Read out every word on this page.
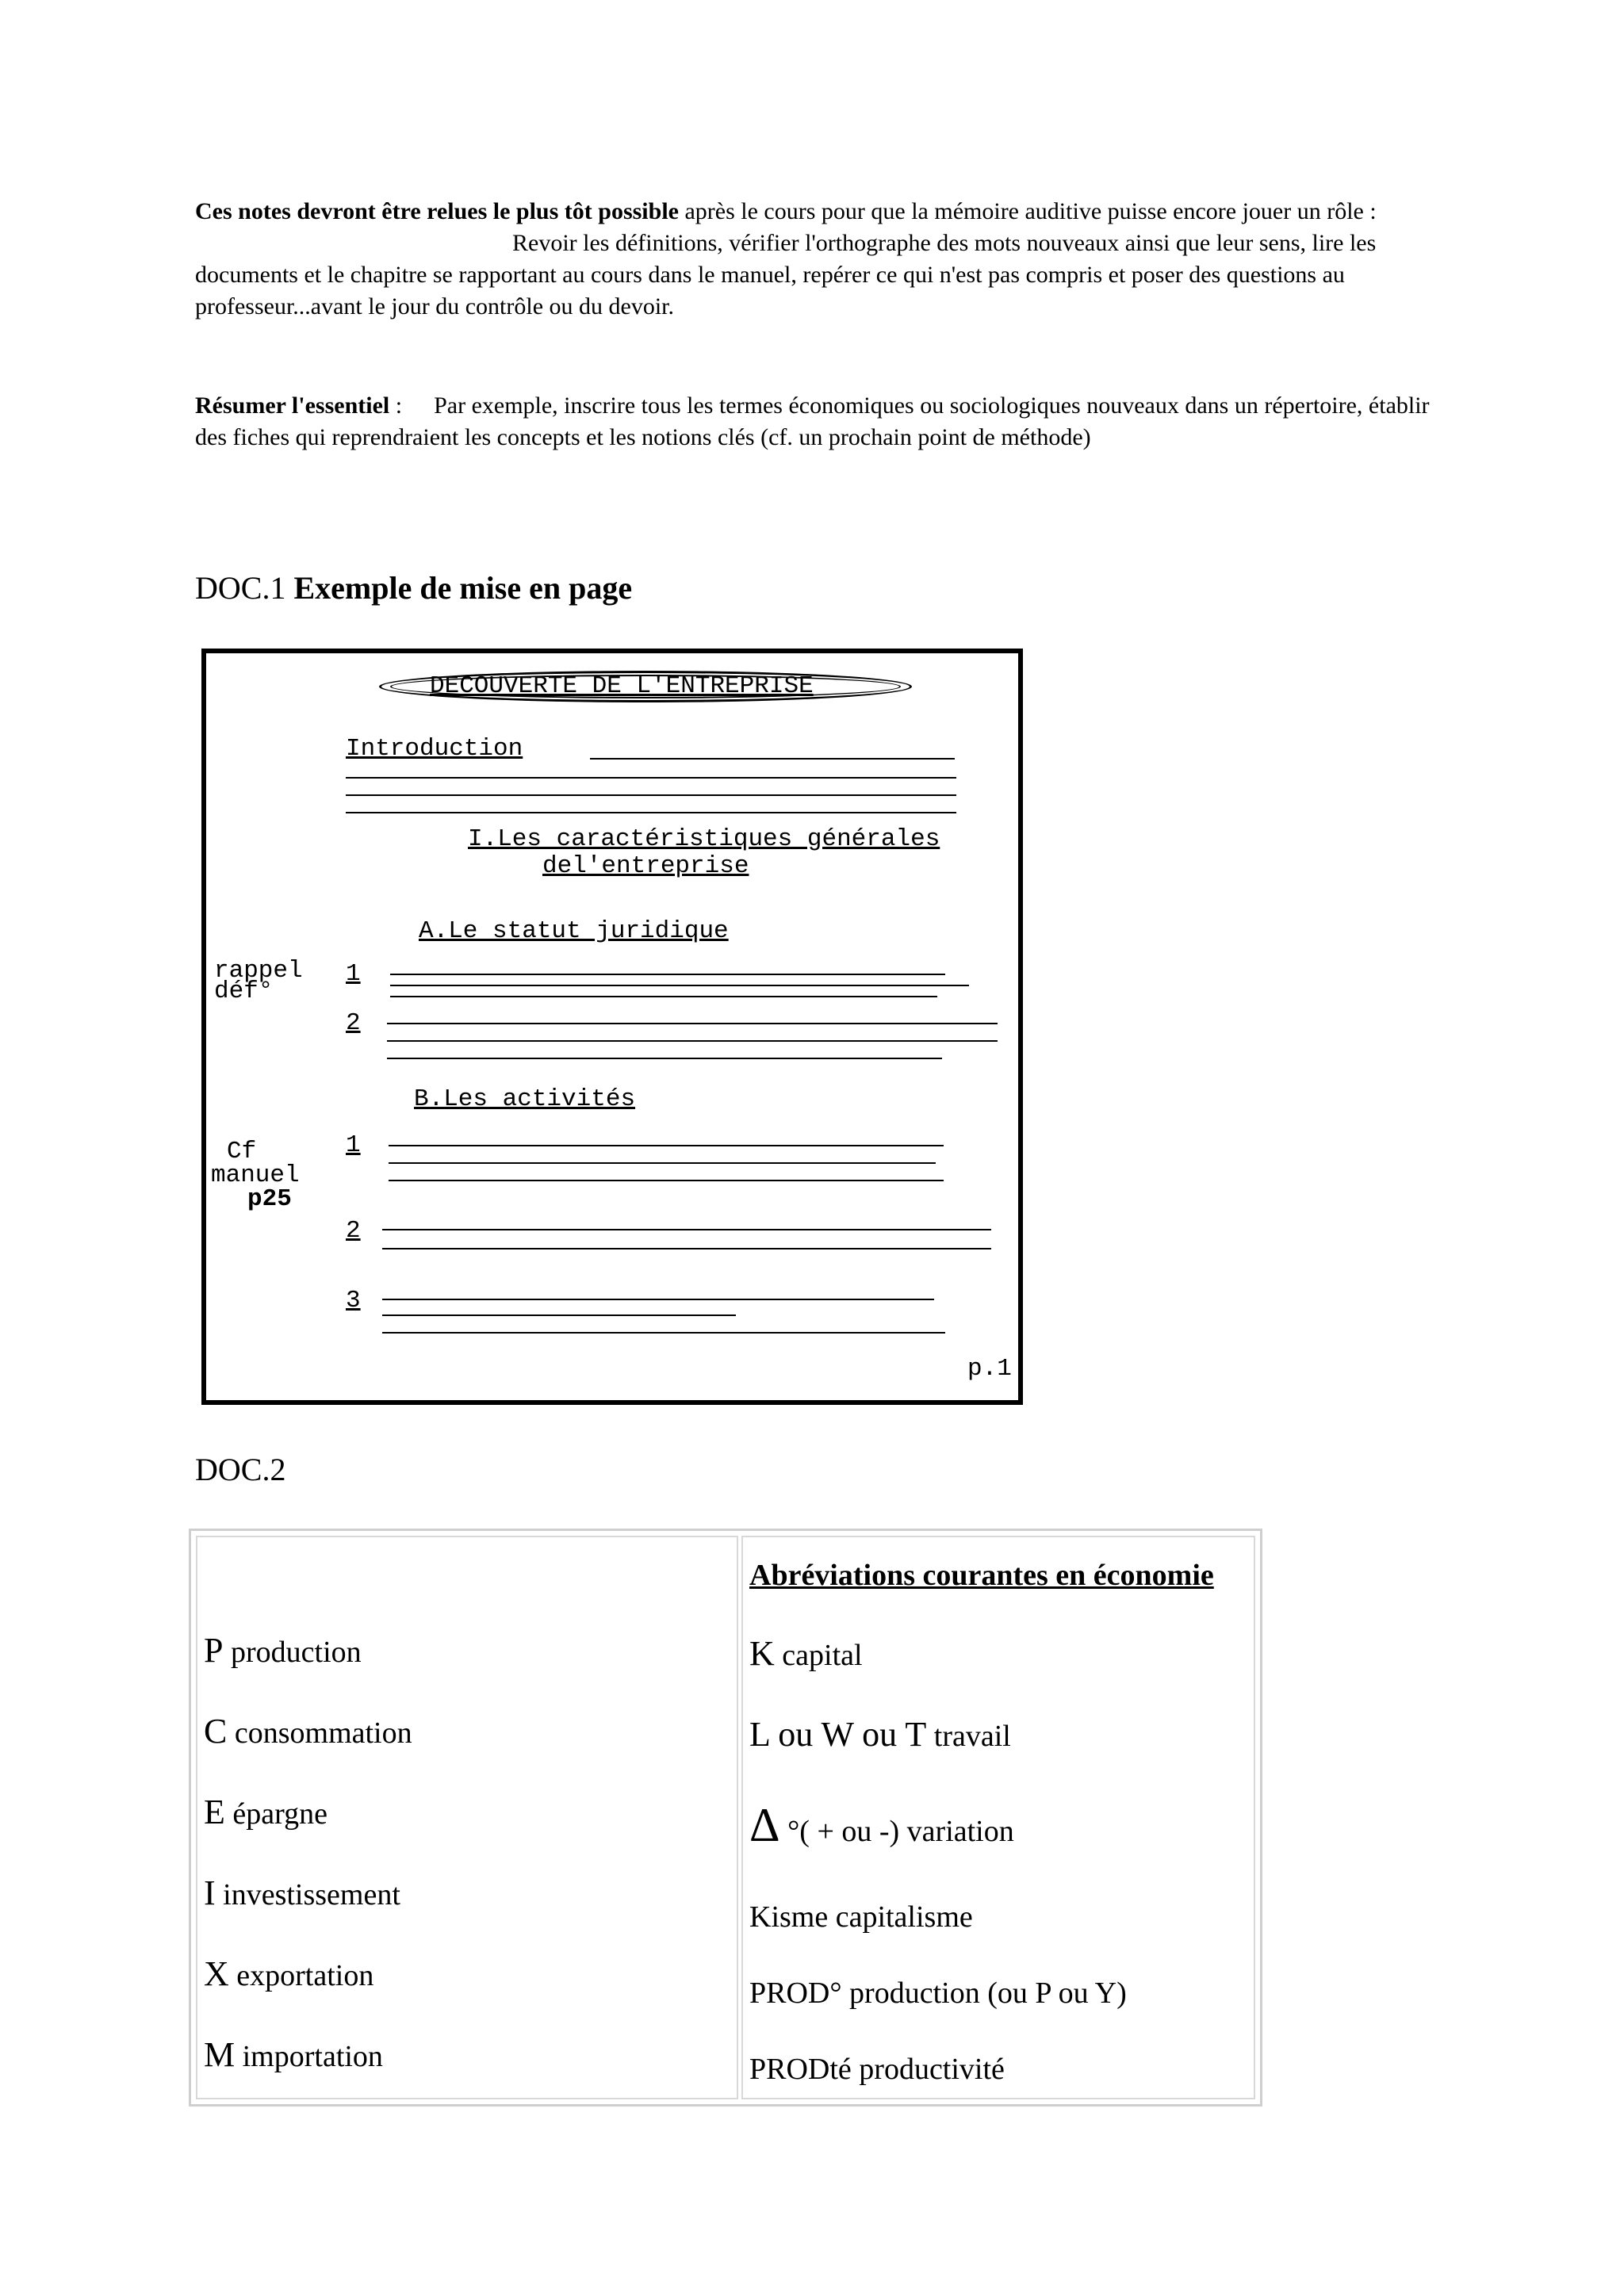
Ces notes devront être relues le plus tôt possible après le cours pour que la mémoire auditive puisse encore jouer un rôle :Revoir les définitions, vérifier l'orthographe des mots nouveaux ainsi que leur sens, lire les documents et le chapitre se rapportant au cours dans le manuel, repérer ce qui n'est pas compris et poser des questions au professeur...avant le jour du contrôle ou du devoir.
Résumer l'essentiel : Par exemple, inscrire tous les termes économiques ou sociologiques nouveaux dans un répertoire, établir des fiches qui reprendraient les concepts et les notions clés (cf. un prochain point de méthode)
DOC.1 Exemple de mise en page
DECOUVERTE DE L'ENTREPRISE
Introduction
I.Les caractéristiques générales
del'entreprise
A.Le statut juridique
rappel
déf°
1
2
B.Les activités
Cf
manuel
p25
1
2
3
p.1
DOC.2
P production
C consommation
E épargne
I investissement
X exportation
M importation
Abréviations courantes en économie
K capital
L ou W ou T travail
Δ °( + ou -) variation
Kisme capitalisme
PROD° production (ou P ou Y)
PRODté productivité
